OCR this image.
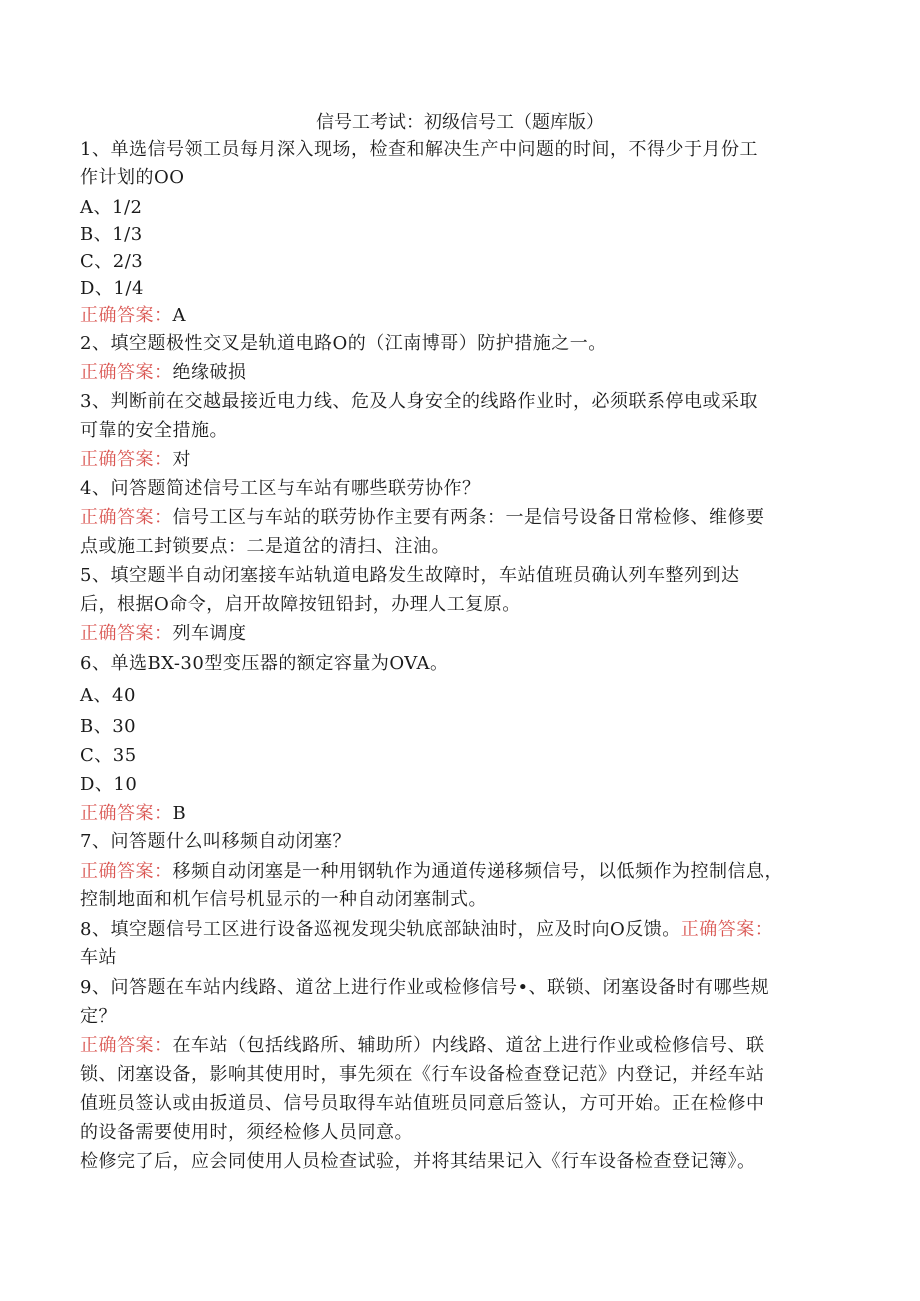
信号工考试：初级信号工（题库版）
1、单选信号领工员每月深入现场，检查和解决生产中问题的时间，不得少于月份工
作计划的OO
A、1/2
B、1/3
C、2/3
D、1/4
正确答案：A
2、填空题极性交叉是轨道电路O的（江南博哥）防护措施之一。
正确答案：绝缘破损
3、判断前在交越最接近电力线、危及人身安全的线路作业时，必须联系停电或采取
可靠的安全措施。
正确答案：对
4、问答题简述信号工区与车站有哪些联劳协作？
正确答案：信号工区与车站的联劳协作主要有两条：一是信号设备日常检修、维修要
点或施工封锁要点：二是道岔的清扫、注油。
5、填空题半自动闭塞接车站轨道电路发生故障时，车站值班员确认列车整列到达
后，根据O命令，启开故障按钮铅封，办理人工复原。
正确答案：列车调度
6、单选BX-30型变压器的额定容量为OVA。
A、40
B、30
C、35
D、10
正确答案：B
7、问答题什么叫移频自动闭塞？
正确答案：移频自动闭塞是一种用钢轨作为通道传递移频信号，以低频作为控制信息，
控制地面和机乍信号机显示的一种自动闭塞制式。
8、填空题信号工区进行设备巡视发现尖轨底部缺油时，应及时向O反馈。正确答案：
车站
9、问答题在车站内线路、道岔上进行作业或检修信号•、联锁、闭塞设备时有哪些规
定？
正确答案：在车站（包括线路所、辅助所）内线路、道岔上进行作业或检修信号、联
锁、闭塞设备，影响其使用时，事先须在《行车设备检查登记范》内登记，并经车站
值班员签认或由扳道员、信号员取得车站值班员同意后签认，方可开始。正在检修中
的设备需要使用时，须经检修人员同意。
检修完了后，应会同使用人员检查试验，并将其结果记入《行车设备检查登记簿》。
